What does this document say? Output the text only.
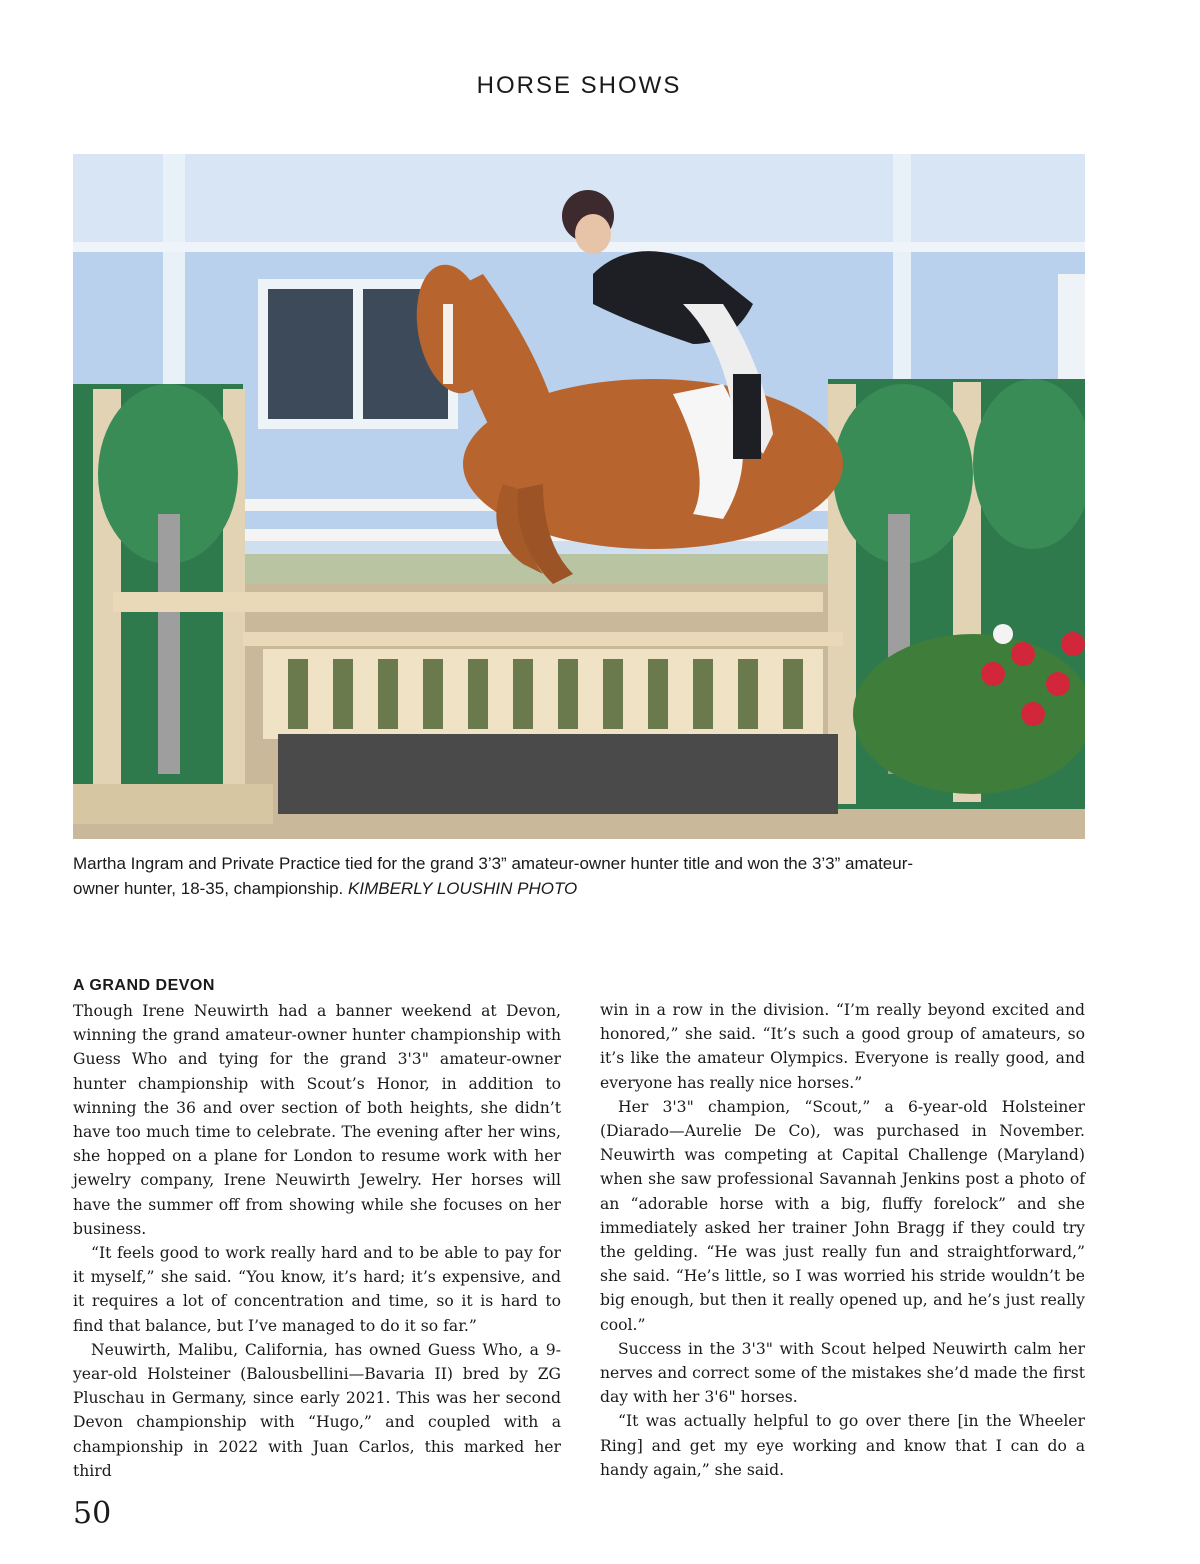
HORSE SHOWS
Martha Ingram and Private Practice tied for the grand 3’3” amateur-owner hunter title and won the 3’3” amateur-owner hunter, 18-35, championship. KIMBERLY LOUSHIN PHOTO
A GRAND DEVON

Though Irene Neuwirth had a banner weekend at Devon, winning the grand amateur-owner hunter championship with Guess Who and tying for the grand 3'3" amateur-owner hunter championship with Scout’s Honor, in addition to winning the 36 and over section of both heights, she didn’t have too much time to celebrate. The evening after her wins, she hopped on a plane for London to resume work with her jewelry company, Irene Neuwirth Jewelry. Her horses will have the summer off from showing while she focuses on her business.

“It feels good to work really hard and to be able to pay for it myself,” she said. “You know, it’s hard; it’s expensive, and it requires a lot of concentration and time, so it is hard to find that balance, but I’ve managed to do it so far.”

Neuwirth, Malibu, California, has owned Guess Who, a 9-year-old Holsteiner (Balousbellini—Bavaria II) bred by ZG Pluschau in Germany, since early 2021. This was her second Devon championship with “Hugo,” and coupled with a championship in 2022 with Juan Carlos, this marked her third

win in a row in the division. “I’m really beyond excited and honored,” she said. “It’s such a good group of amateurs, so it’s like the amateur Olympics. Everyone is really good, and everyone has really nice horses.”

Her 3'3" champion, “Scout,” a 6-year-old Holsteiner (Diarado—Aurelie De Co), was purchased in November. Neuwirth was competing at Capital Challenge (Maryland) when she saw professional Savannah Jenkins post a photo of an “adorable horse with a big, fluffy forelock” and she immediately asked her trainer John Bragg if they could try the gelding. “He was just really fun and straightforward,” she said. “He’s little, so I was worried his stride wouldn’t be big enough, but then it really opened up, and he’s just really cool.”

Success in the 3'3" with Scout helped Neuwirth calm her nerves and correct some of the mistakes she’d made the first day with her 3'6" horses.

“It was actually helpful to go over there [in the Wheeler Ring] and get my eye working and know that I can do a handy again,” she said.

50
